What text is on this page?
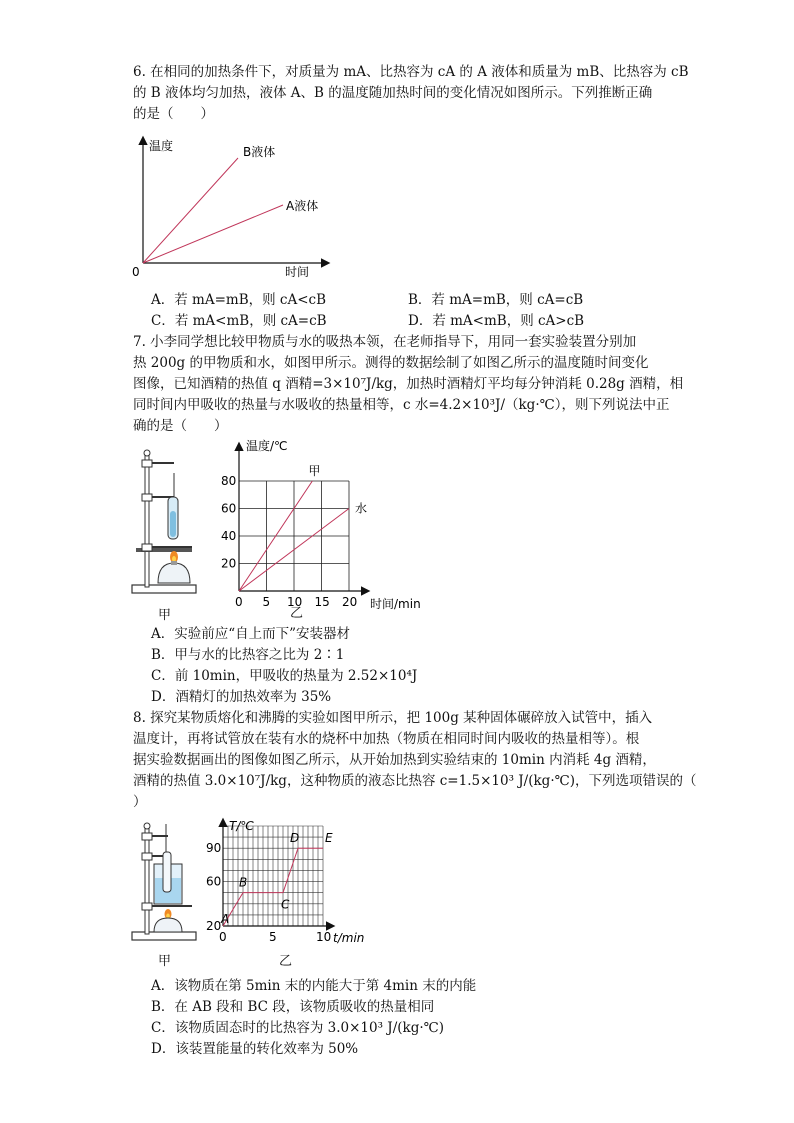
6. 在相同的加热条件下，对质量为 mA、比热容为 cA 的 A 液体和质量为 mB、比热容为 cB
的 B 液体均匀加热，液体 A、B 的温度随加热时间的变化情况如图所示。下列推断正确
的是（　　）
温度
时间
0
B液体
A液体
A．若 mA=mB，则 cA<cB	B．若 mA=mB，则 cA=cB
C．若 mA<mB，则 cA=cB	D．若 mA<mB，则 cA>cB
7. 小李同学想比较甲物质与水的吸热本领，在老师指导下，用同一套实验装置分别加
热 200g 的甲物质和水，如图甲所示。测得的数据绘制了如图乙所示的温度随时间变化
图像，已知酒精的热值 q 酒精=3×10⁷J/kg，加热时酒精灯平均每分钟消耗 0.28g 酒精，相
同时间内甲吸收的热量与水吸收的热量相等，c 水=4.2×10³J/（kg·℃），则下列说法中正
确的是（　　）
甲
0 5 10 15 20
20
40
60
80
温度/℃
时间/min
甲
水
乙
A．实验前应“自上而下”安装器材
B．甲与水的比热容之比为 2∶1
C．前 10min，甲吸收的热量为 2.52×10⁴J
D．酒精灯的加热效率为 35%
8. 探究某物质熔化和沸腾的实验如图甲所示，把 100g 某种固体碾碎放入试管中，插入
温度计，再将试管放在装有水的烧杯中加热（物质在相同时间内吸收的热量相等）。根
据实验数据画出的图像如图乙所示，从开始加热到实验结束的 10min 内消耗 4g 酒精，
酒精的热值 3.0×10⁷J/kg，这种物质的液态比热容 c=1.5×10³ J/(kg·℃)，下列选项错误的（
）
甲
A
B
C
D E
0	5	10
20
60
90
T/℃
t/min
乙
A．该物质在第 5min 末的内能大于第 4min 末的内能
B．在 AB 段和 BC 段，该物质吸收的热量相同
C．该物质固态时的比热容为 3.0×10³ J/(kg·℃)
D．该装置能量的转化效率为 50%
